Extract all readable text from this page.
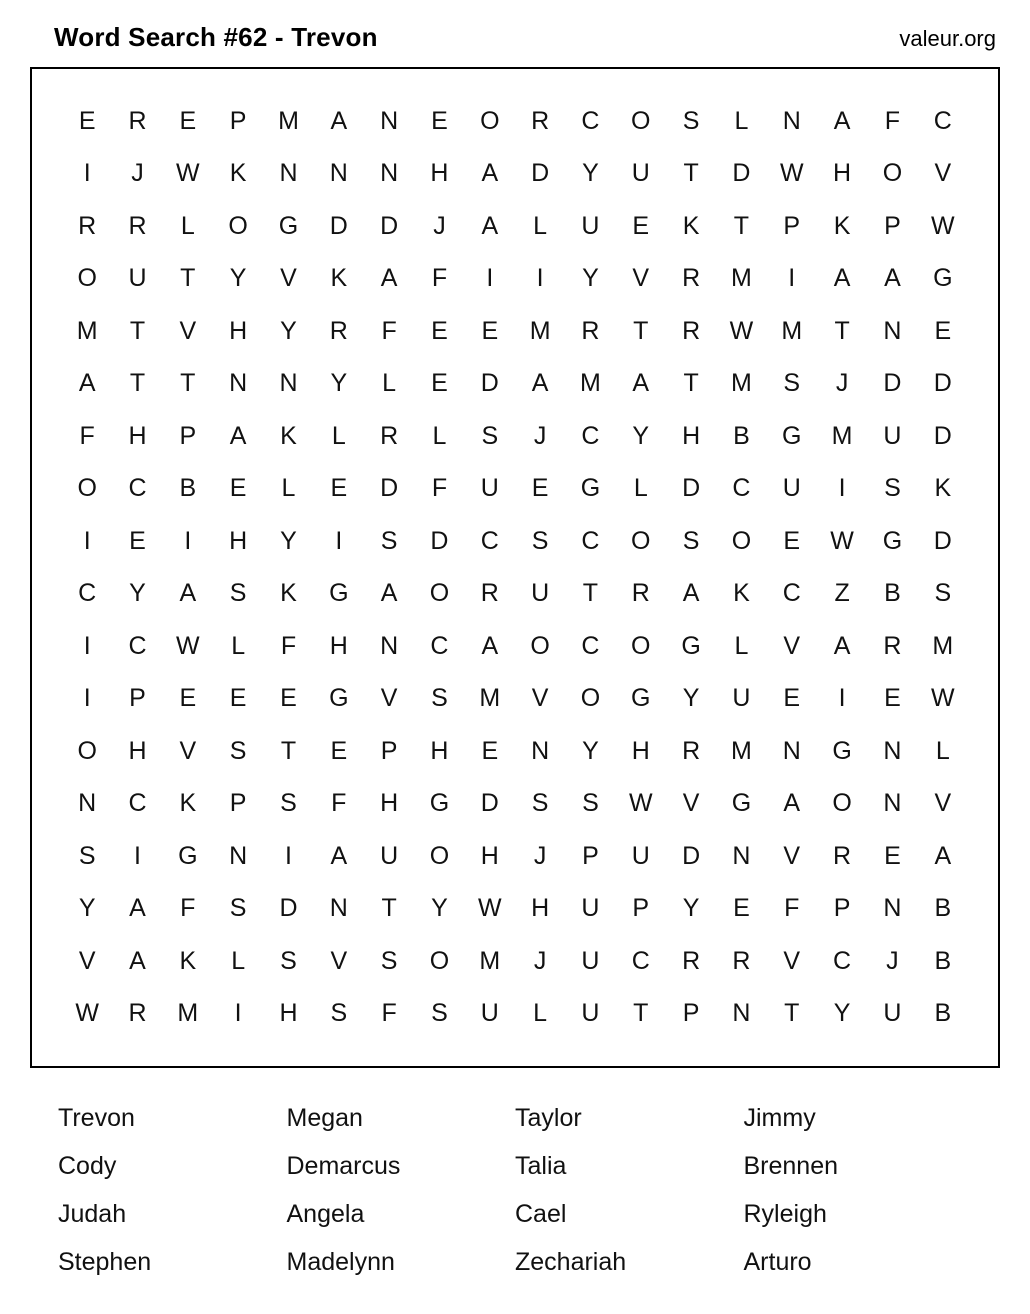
Word Search #62 - Trevon	valeur.org
E	R	E	P	M	A	N	E	O	R	C	O	S	L	N	A	F	C
I	J	W	K	N	N	N	H	A	D	Y	U	T	D	W	H	O	V
R	R	L	O	G	D	D	J	A	L	U	E	K	T	P	K	P	W
O	U	T	Y	V	K	A	F	I	I	Y	V	R	M	I	A	A	G
M	T	V	H	Y	R	F	E	E	M	R	T	R	W	M	T	N	E
A	T	T	N	N	Y	L	E	D	A	M	A	T	M	S	J	D	D
F	H	P	A	K	L	R	L	S	J	C	Y	H	B	G	M	U	D
O	C	B	E	L	E	D	F	U	E	G	L	D	C	U	I	S	K
I	E	I	H	Y	I	S	D	C	S	C	O	S	O	E	W	G	D
C	Y	A	S	K	G	A	O	R	U	T	R	A	K	C	Z	B	S
I	C	W	L	F	H	N	C	A	O	C	O	G	L	V	A	R	M
I	P	E	E	E	G	V	S	M	V	O	G	Y	U	E	I	E	W
O	H	V	S	T	E	P	H	E	N	Y	H	R	M	N	G	N	L
N	C	K	P	S	F	H	G	D	S	S	W	V	G	A	O	N	V
S	I	G	N	I	A	U	O	H	J	P	U	D	N	V	R	E	A
Y	A	F	S	D	N	T	Y	W	H	U	P	Y	E	F	P	N	B
V	A	K	L	S	V	S	O	M	J	U	C	R	R	V	C	J	B
W	R	M	I	H	S	F	S	U	L	U	T	P	N	T	Y	U	B
Trevon	Megan	Taylor	Jimmy
Cody	Demarcus	Talia	Brennen
Judah	Angela	Cael	Ryleigh
Stephen	Madelynn	Zechariah	Arturo
